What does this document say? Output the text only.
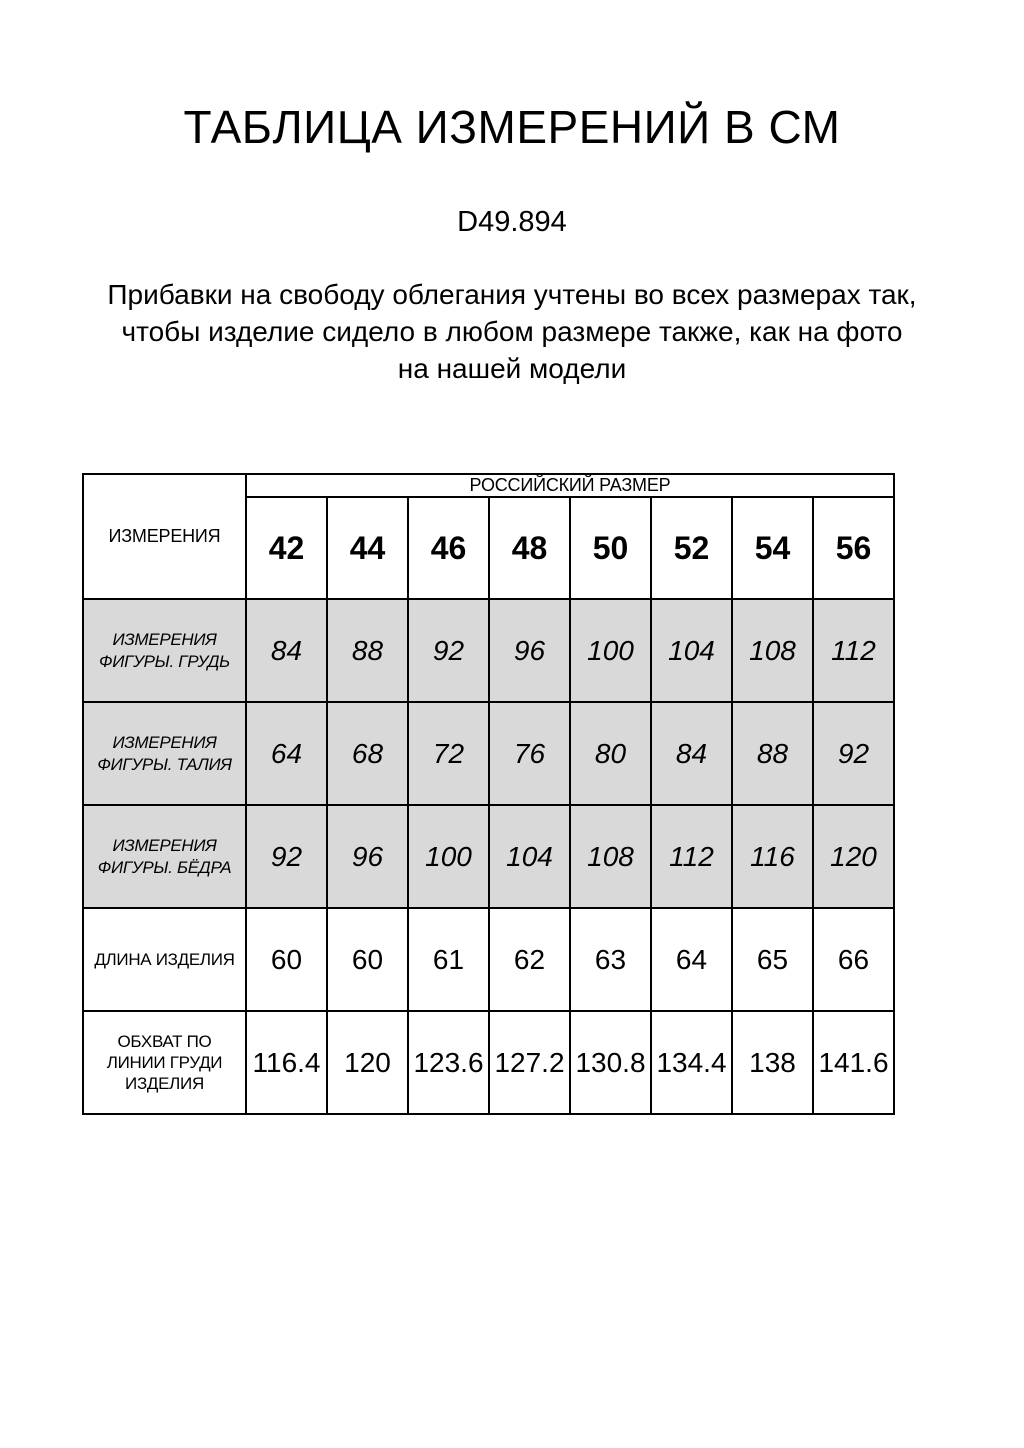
ТАБЛИЦА ИЗМЕРЕНИЙ В СМ
D49.894
Прибавки на свободу облегания учтены во всех размерах так,
чтобы изделие сидело в любом размере также, как на фото
на нашей модели
ИЗМЕРЕНИЯ	РОССИЙСКИЙ РАЗМЕР							
	42	44	46	48	50	52	54	56

ИЗМЕРЕНИЯ
ФИГУРЫ. ГРУДЬ	84	88	92	96	100	104	108	112

ИЗМЕРЕНИЯ
ФИГУРЫ. ТАЛИЯ	64	68	72	76	80	84	88	92

ИЗМЕРЕНИЯ
ФИГУРЫ. БЁДРА	92	96	100	104	108	112	116	120

ДЛИНА ИЗДЕЛИЯ	60	60	61	62	63	64	65	66

ОБХВАТ ПО
ЛИНИИ ГРУДИ
ИЗДЕЛИЯ	116.4	120	123.6	127.2	130.8	134.4	138	141.6
